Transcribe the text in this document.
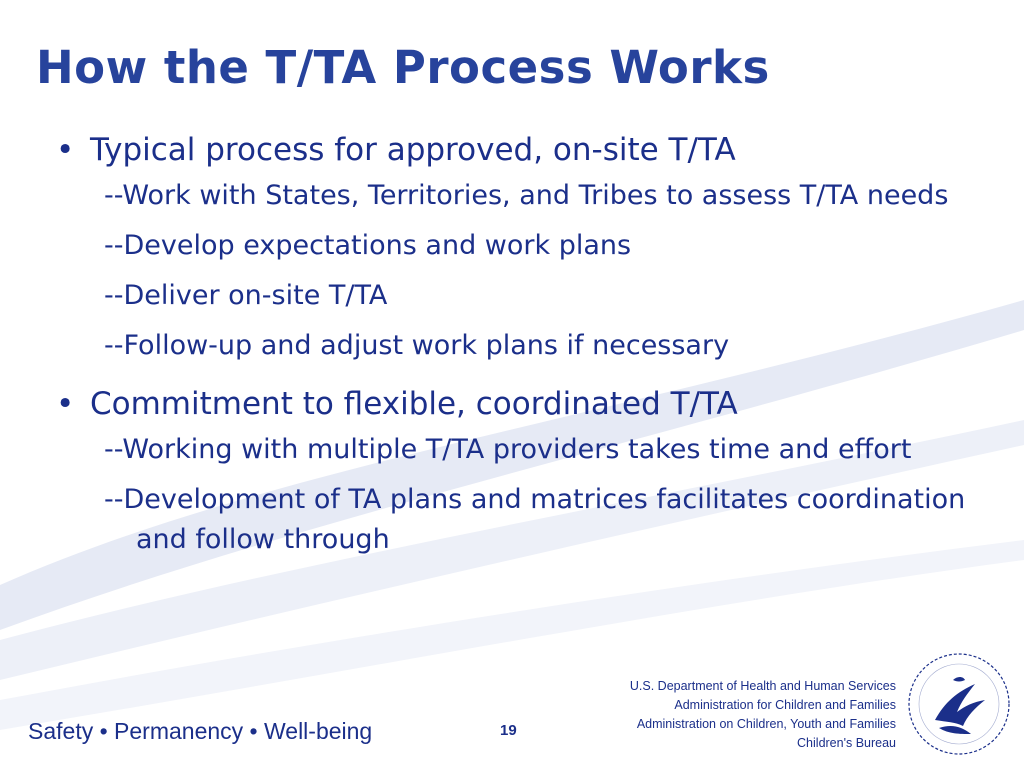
How the T/TA Process Works
• Typical process for approved, on-site T/TA
--Work with States, Territories, and Tribes to assess T/TA needs
--Develop expectations and work plans
--Deliver on-site T/TA
--Follow-up and adjust work plans if necessary
• Commitment to flexible, coordinated T/TA
--Working with multiple T/TA providers takes time and effort
--Development of TA plans and matrices facilitates coordination and follow through
Safety • Permanency • Well-being	19
U.S. Department of Health and Human Services
Administration for Children and Families
Administration on Children, Youth and Families
Children's Bureau
